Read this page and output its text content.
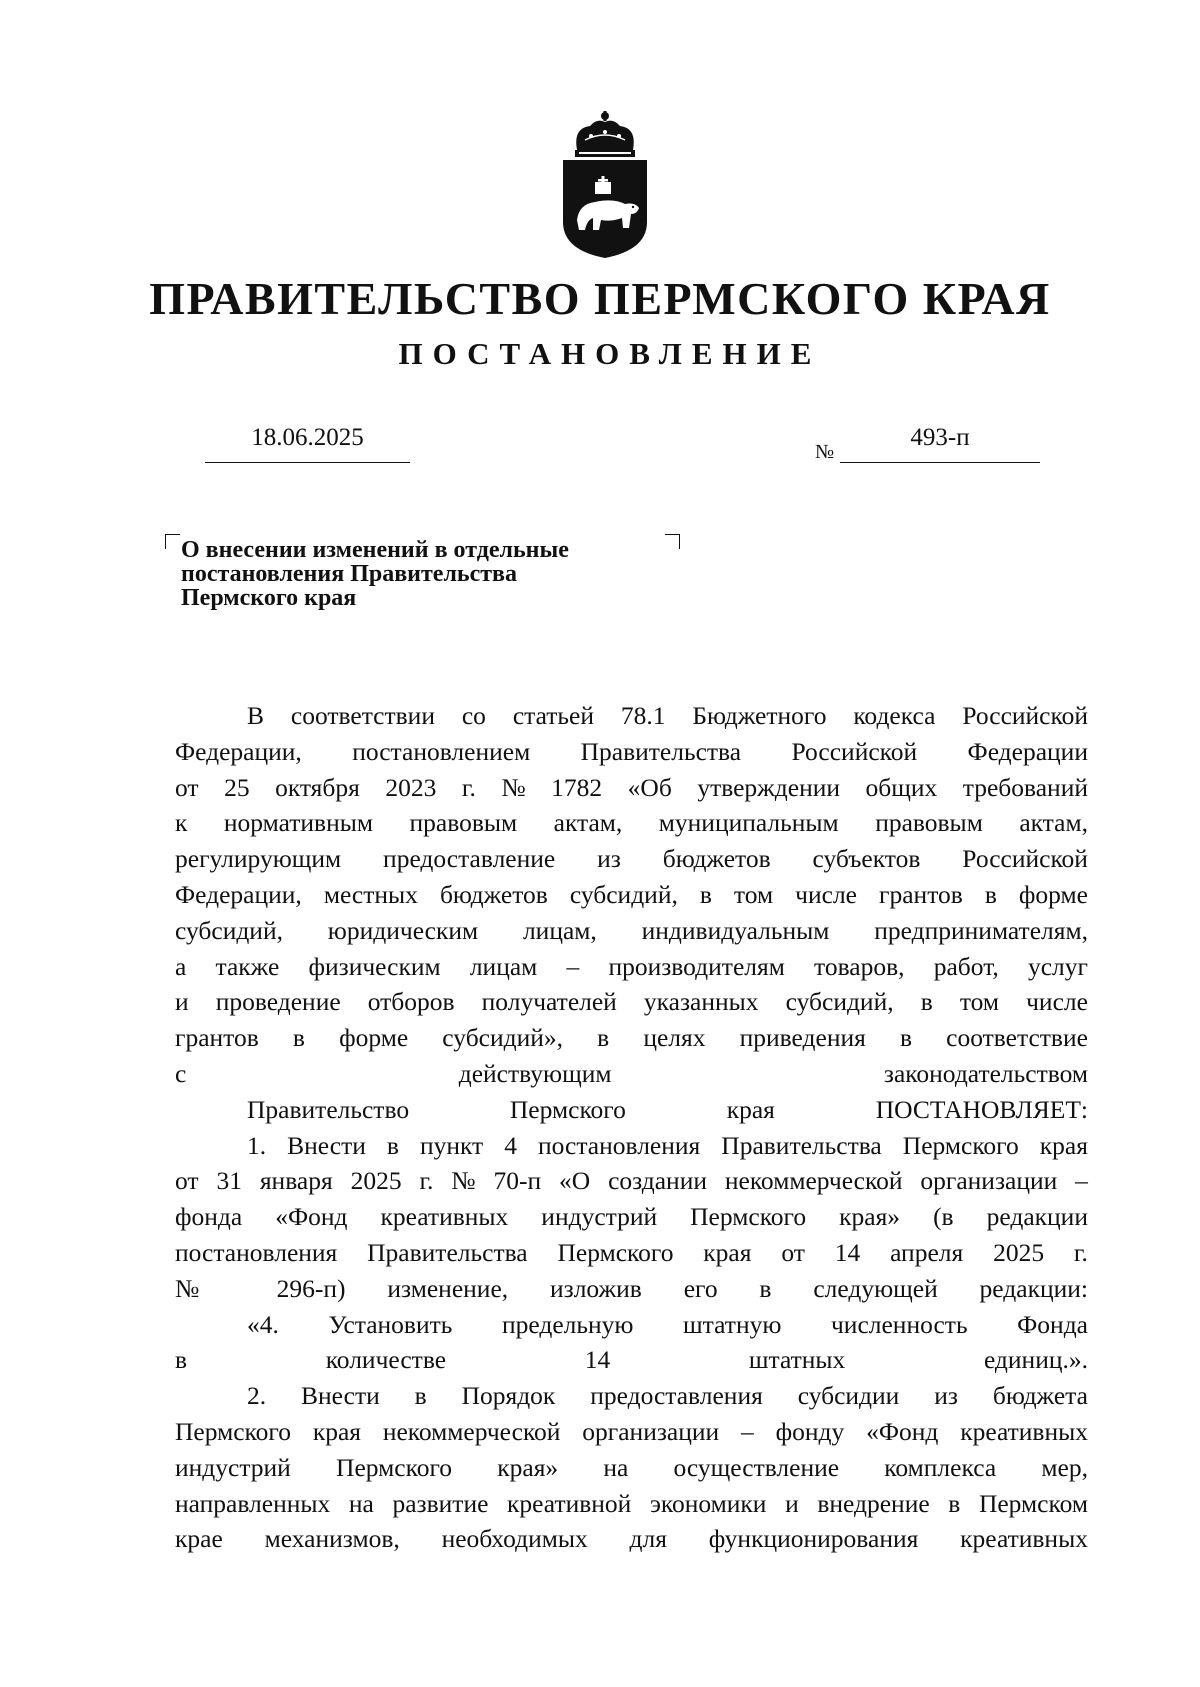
ПРАВИТЕЛЬСТВО ПЕРМСКОГО КРАЯ
ПОСТАНОВЛЕНИЕ
18.06.2025
№
493-п
О внесении изменений в отдельные
постановления Правительства
Пермского края
В соответствии со статьей 78.1 Бюджетного кодекса Российской
Федерации, постановлением Правительства Российской Федерации
от 25 октября 2023 г. № 1782 «Об утверждении общих требований
к нормативным правовым актам, муниципальным правовым актам,
регулирующим предоставление из бюджетов субъектов Российской
Федерации, местных бюджетов субсидий, в том числе грантов в форме
субсидий, юридическим лицам, индивидуальным предпринимателям,
а также физическим лицам – производителям товаров, работ, услуг
и проведение отборов получателей указанных субсидий, в том числе
грантов в форме субсидий», в целях приведения в соответствие
с действующим законодательством
Правительство Пермского края ПОСТАНОВЛЯЕТ:
1. Внести в пункт 4 постановления Правительства Пермского края
от 31 января 2025 г. № 70-п «О создании некоммерческой организации –
фонда «Фонд креативных индустрий Пермского края» (в редакции
постановления Правительства Пермского края от 14 апреля 2025 г.
№ 296-п) изменение, изложив его в следующей редакции:
«4. Установить предельную штатную численность Фонда
в количестве 14 штатных единиц.».
2. Внести в Порядок предоставления субсидии из бюджета
Пермского края некоммерческой организации – фонду «Фонд креативных
индустрий Пермского края» на осуществление комплекса мер,
направленных на развитие креативной экономики и внедрение в Пермском
крае механизмов, необходимых для функционирования креативных
